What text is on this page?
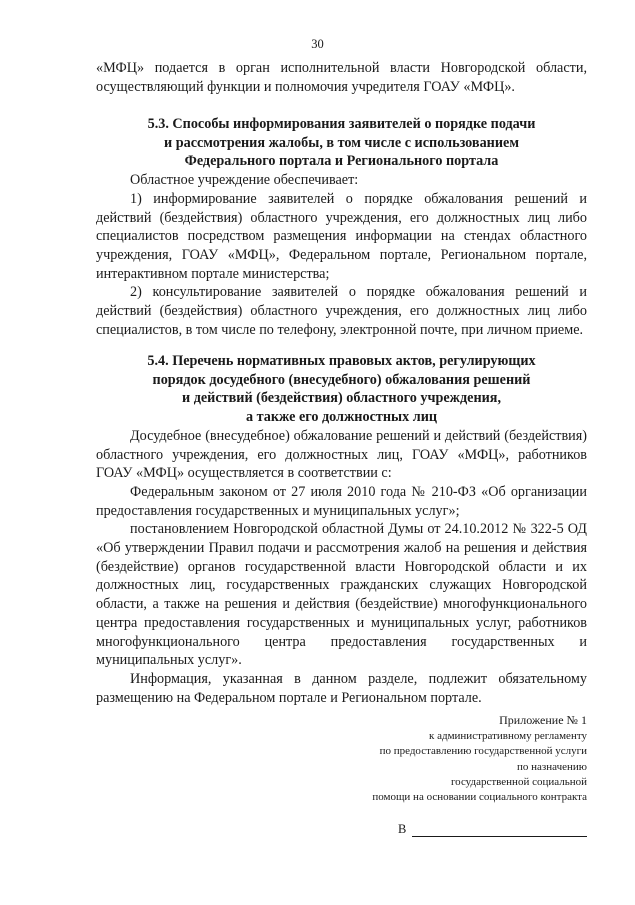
30

«МФЦ» подается в орган исполнительной власти Новгородской области, осуществляющий функции и полномочия учредителя ГОАУ «МФЦ».

5.3. Способы информирования заявителей о порядке подачи
и рассмотрения жалобы, в том числе с использованием
Федерального портала и Регионального портала

Областное учреждение обеспечивает:

1) информирование заявителей о порядке обжалования решений и действий (бездействия) областного учреждения, его должностных лиц либо специалистов посредством размещения информации на стендах областного учреждения, ГОАУ «МФЦ», Федеральном портале, Региональном портале, интерактивном портале министерства;

2) консультирование заявителей о порядке обжалования решений и действий (бездействия) областного учреждения, его должностных лиц либо специалистов, в том числе по телефону, электронной почте, при личном приеме.

5.4. Перечень нормативных правовых актов, регулирующих
порядок досудебного (внесудебного) обжалования решений
и действий (бездействия) областного учреждения,
а также его должностных лиц

Досудебное (внесудебное) обжалование решений и действий (бездействия) областного учреждения, его должностных лиц, ГОАУ «МФЦ», работников ГОАУ «МФЦ» осуществляется в соответствии с:

Федеральным законом от 27 июля 2010 года № 210-ФЗ «Об организации предоставления государственных и муниципальных услуг»;

постановлением Новгородской областной Думы от 24.10.2012 № 322-5 ОД «Об утверждении Правил подачи и рассмотрения жалоб на решения и действия (бездействие) органов государственной власти Новгородской области и их должностных лиц, государственных гражданских служащих Новгородской области, а также на решения и действия (бездействие) многофункционального центра предоставления государственных и муниципальных услуг, работников многофункционального центра предоставления государственных и муниципальных услуг».

Информация, указанная в данном разделе, подлежит обязательному размещению на Федеральном портале и Региональном портале.

Приложение № 1
к административному регламенту
по предоставлению государственной услуги
по назначению
государственной социальной
помощи на основании социального контракта
В
